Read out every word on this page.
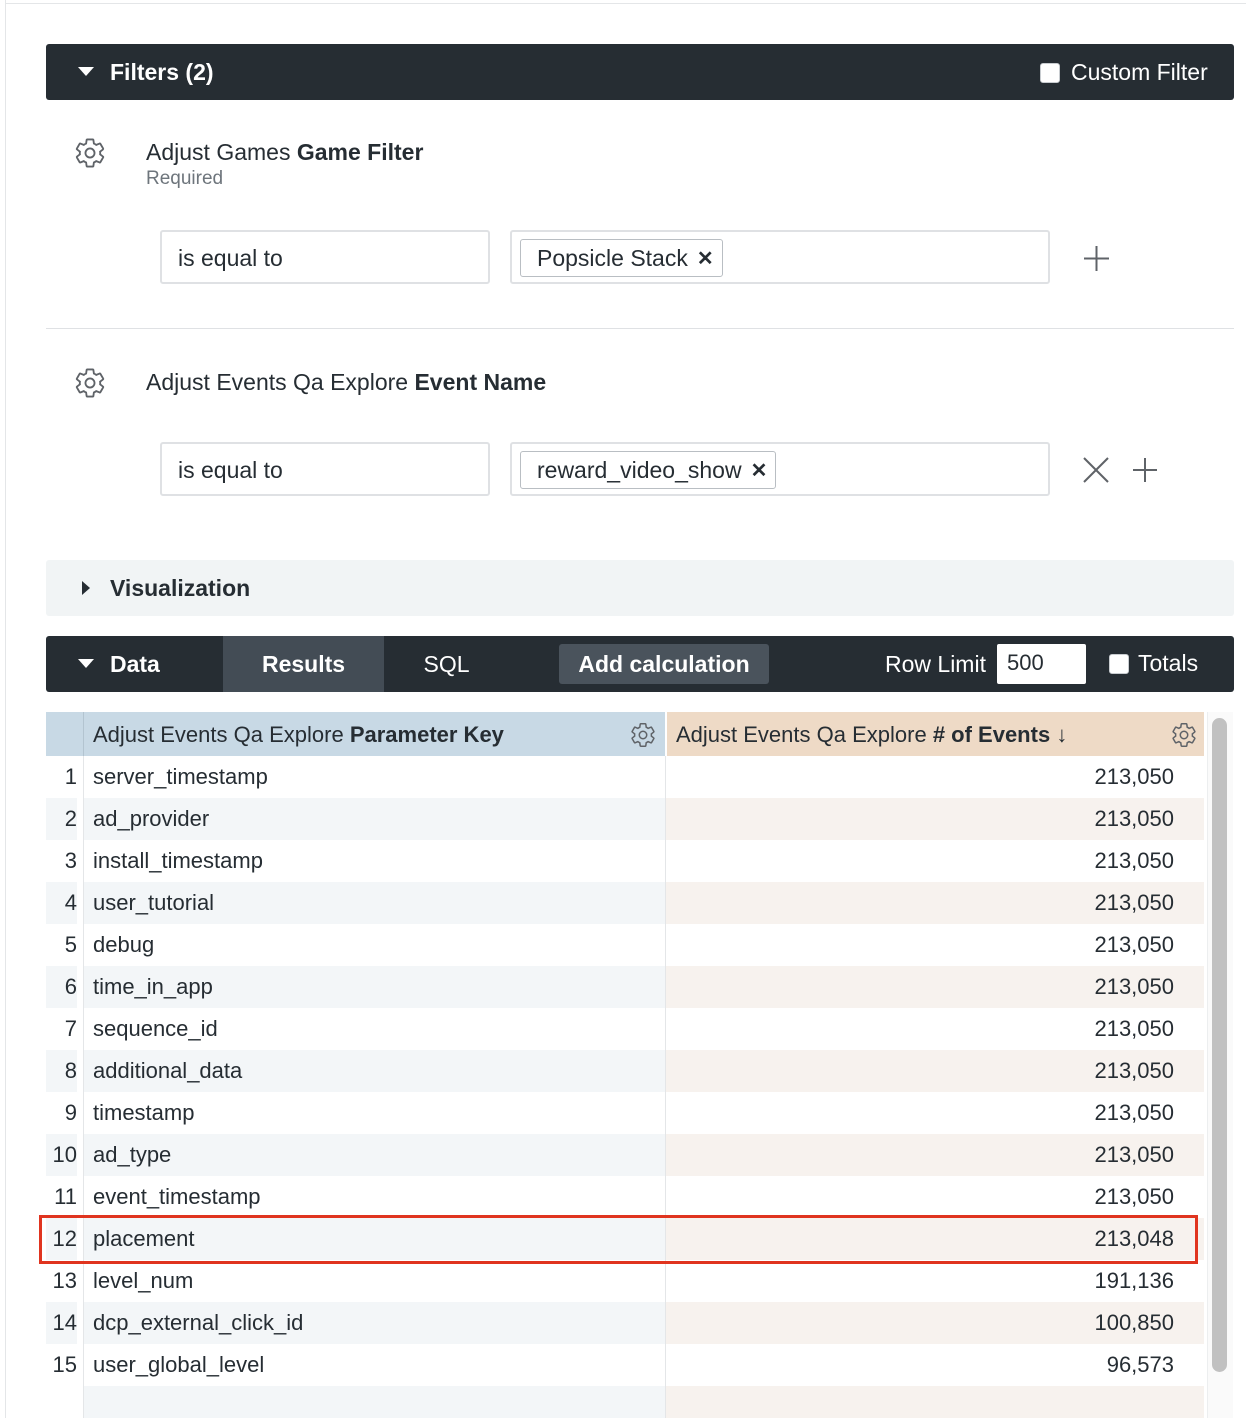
Filters (2)	Custom Filter
Adjust Games Game Filter
Required
is equal to	Popsicle Stack ✕
Adjust Events Qa Explore Event Name
is equal to	reward_video_show ✕
Visualization
Data	Results	SQL	Add calculation	Row Limit 500	Totals
Adjust Events Qa Explore Parameter Key	Adjust Events Qa Explore # of Events ↓
1 server_timestamp	213,050
2 ad_provider	213,050
3 install_timestamp	213,050
4 user_tutorial	213,050
5 debug	213,050
6 time_in_app	213,050
7 sequence_id	213,050
8 additional_data	213,050
9 timestamp	213,050
10 ad_type	213,050
11 event_timestamp	213,050
12 placement	213,048
13 level_num	191,136
14 dcp_external_click_id	100,850
15 user_global_level	96,573
